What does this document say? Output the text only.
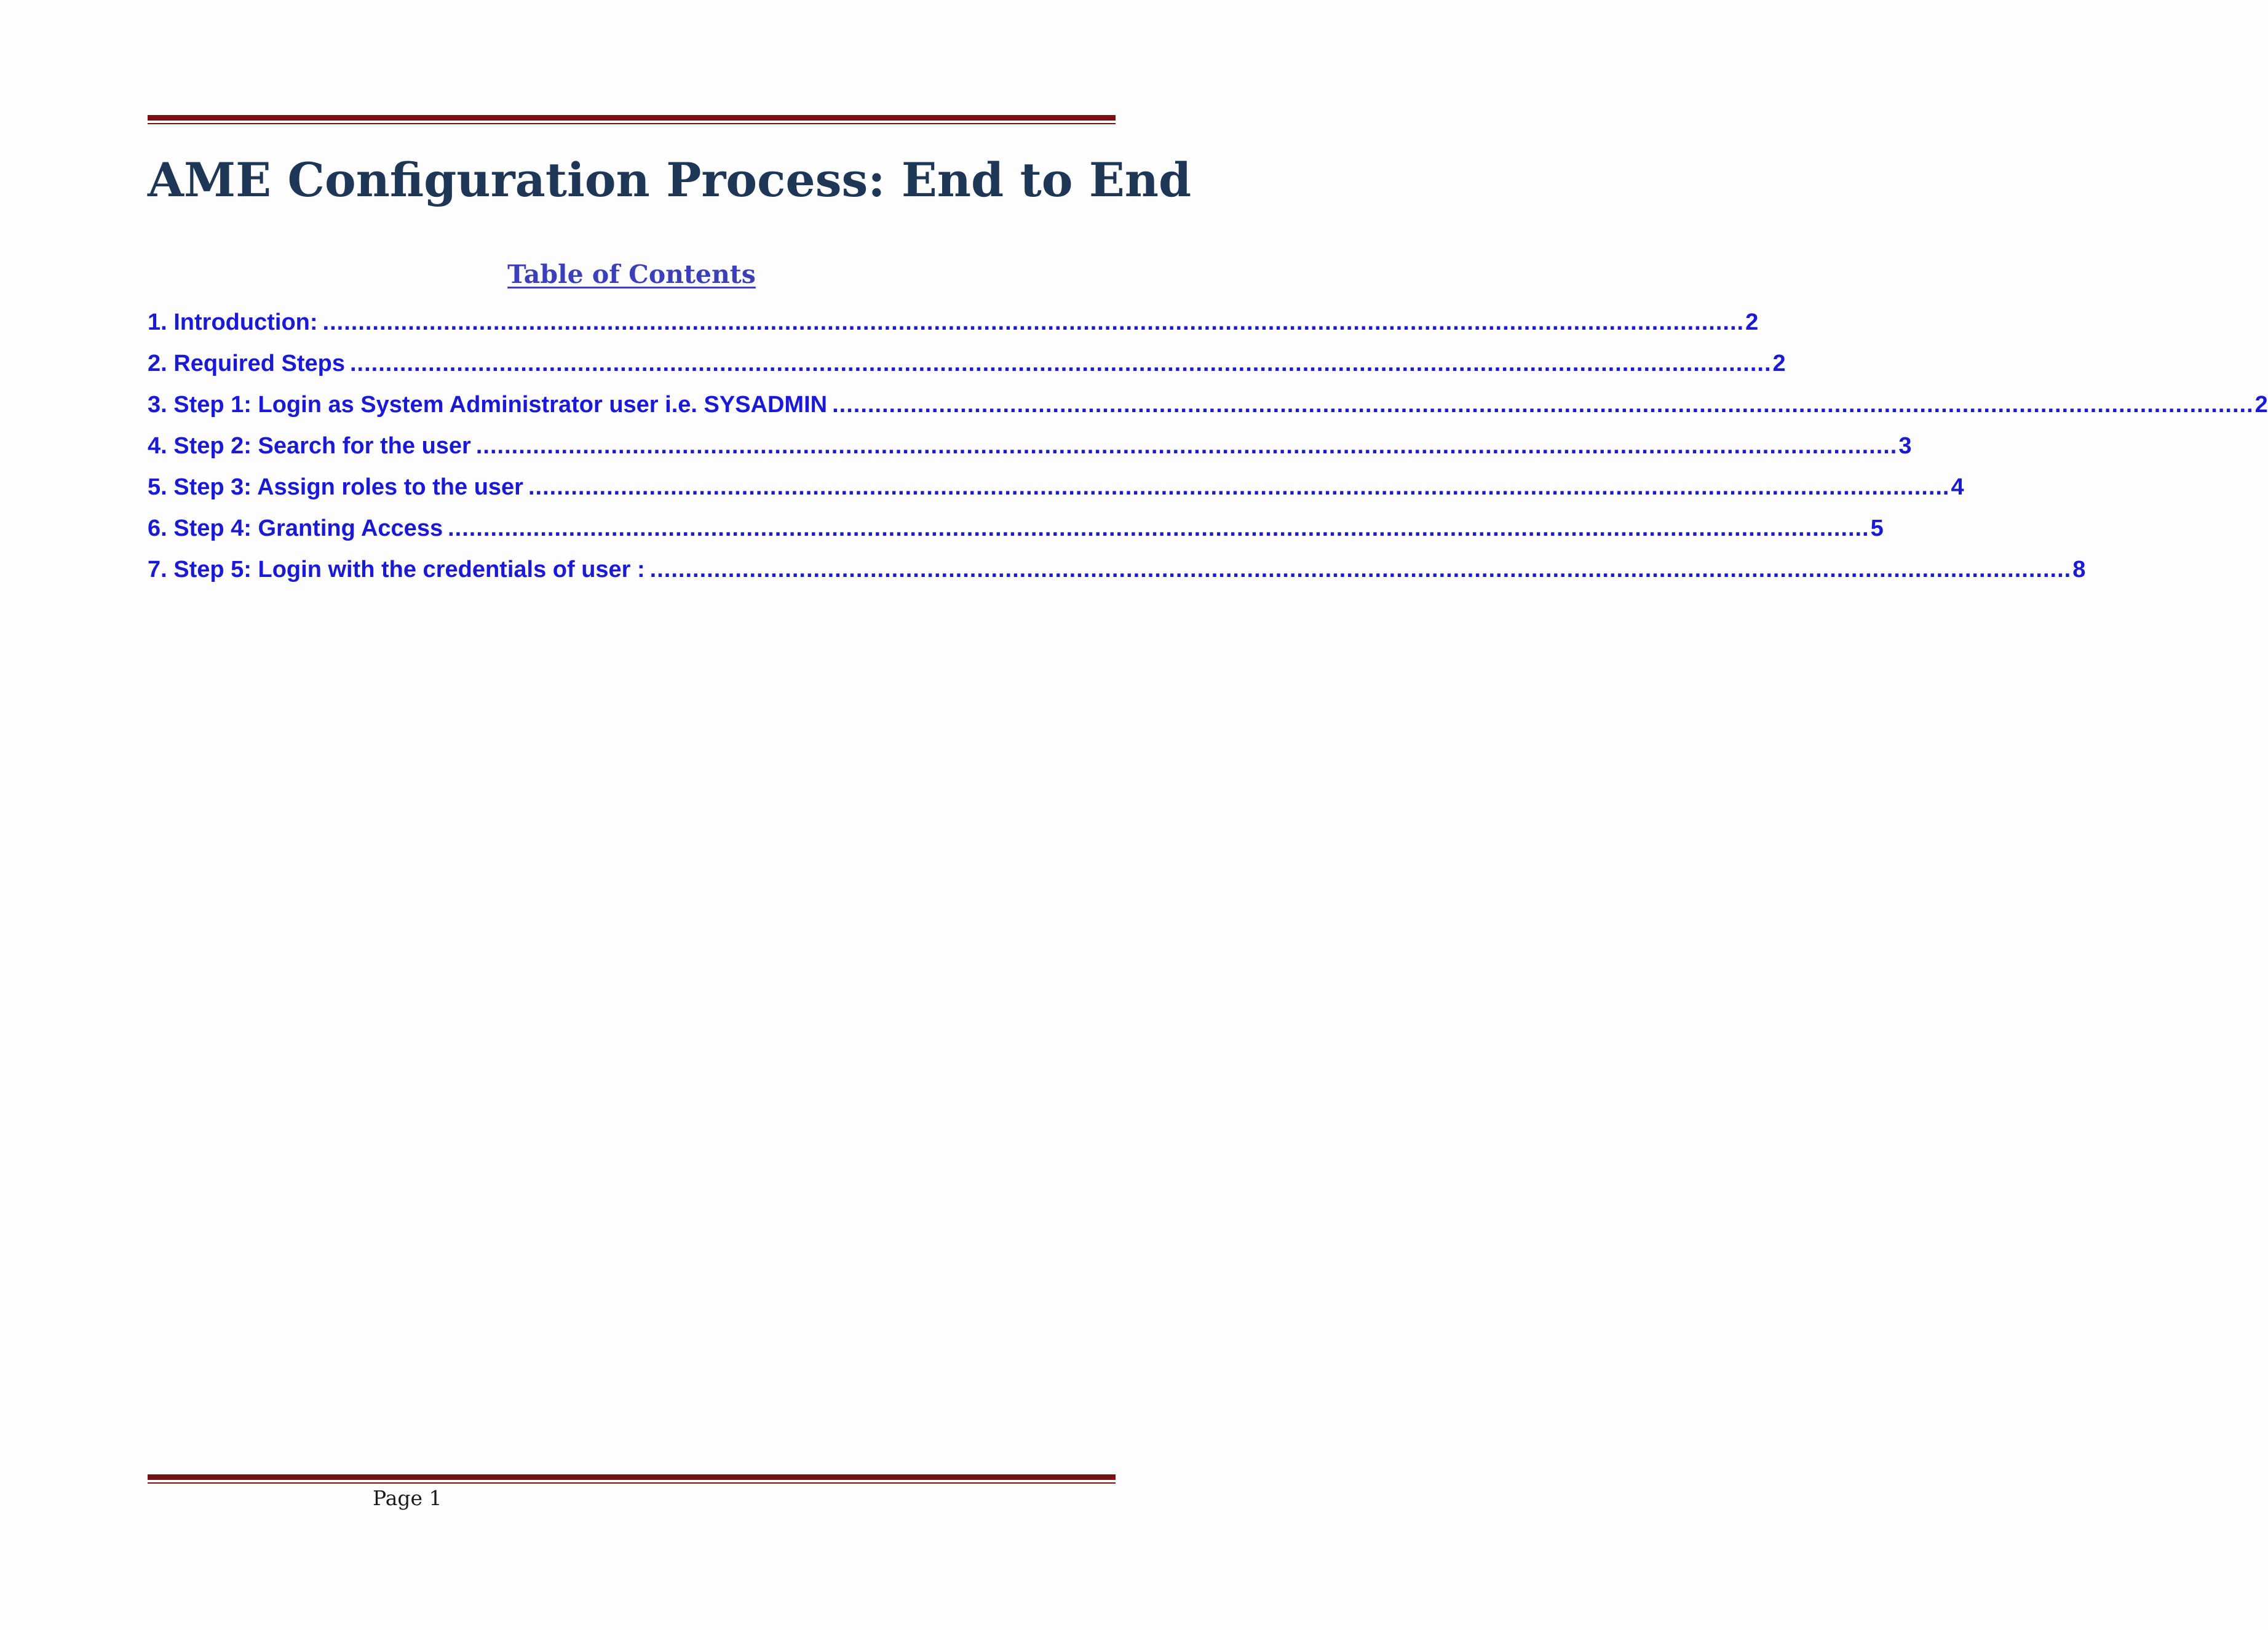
AME Configuration Process: End to End
Table of Contents
1. Introduction: ........................................................................................................................................................................................................ 2
2. Required Steps ........................................................................................................................................................................................................ 2
3. Step 1: Login as System Administrator user i.e. SYSADMIN ........................................................................................................................................................................................................ 2
4. Step 2: Search for the user ........................................................................................................................................................................................................ 3
5. Step 3: Assign roles to the user ........................................................................................................................................................................................................ 4
6. Step 4: Granting Access ........................................................................................................................................................................................................ 5
7. Step 5: Login with the credentials of user : ........................................................................................................................................................................................................ 8
Page 1
